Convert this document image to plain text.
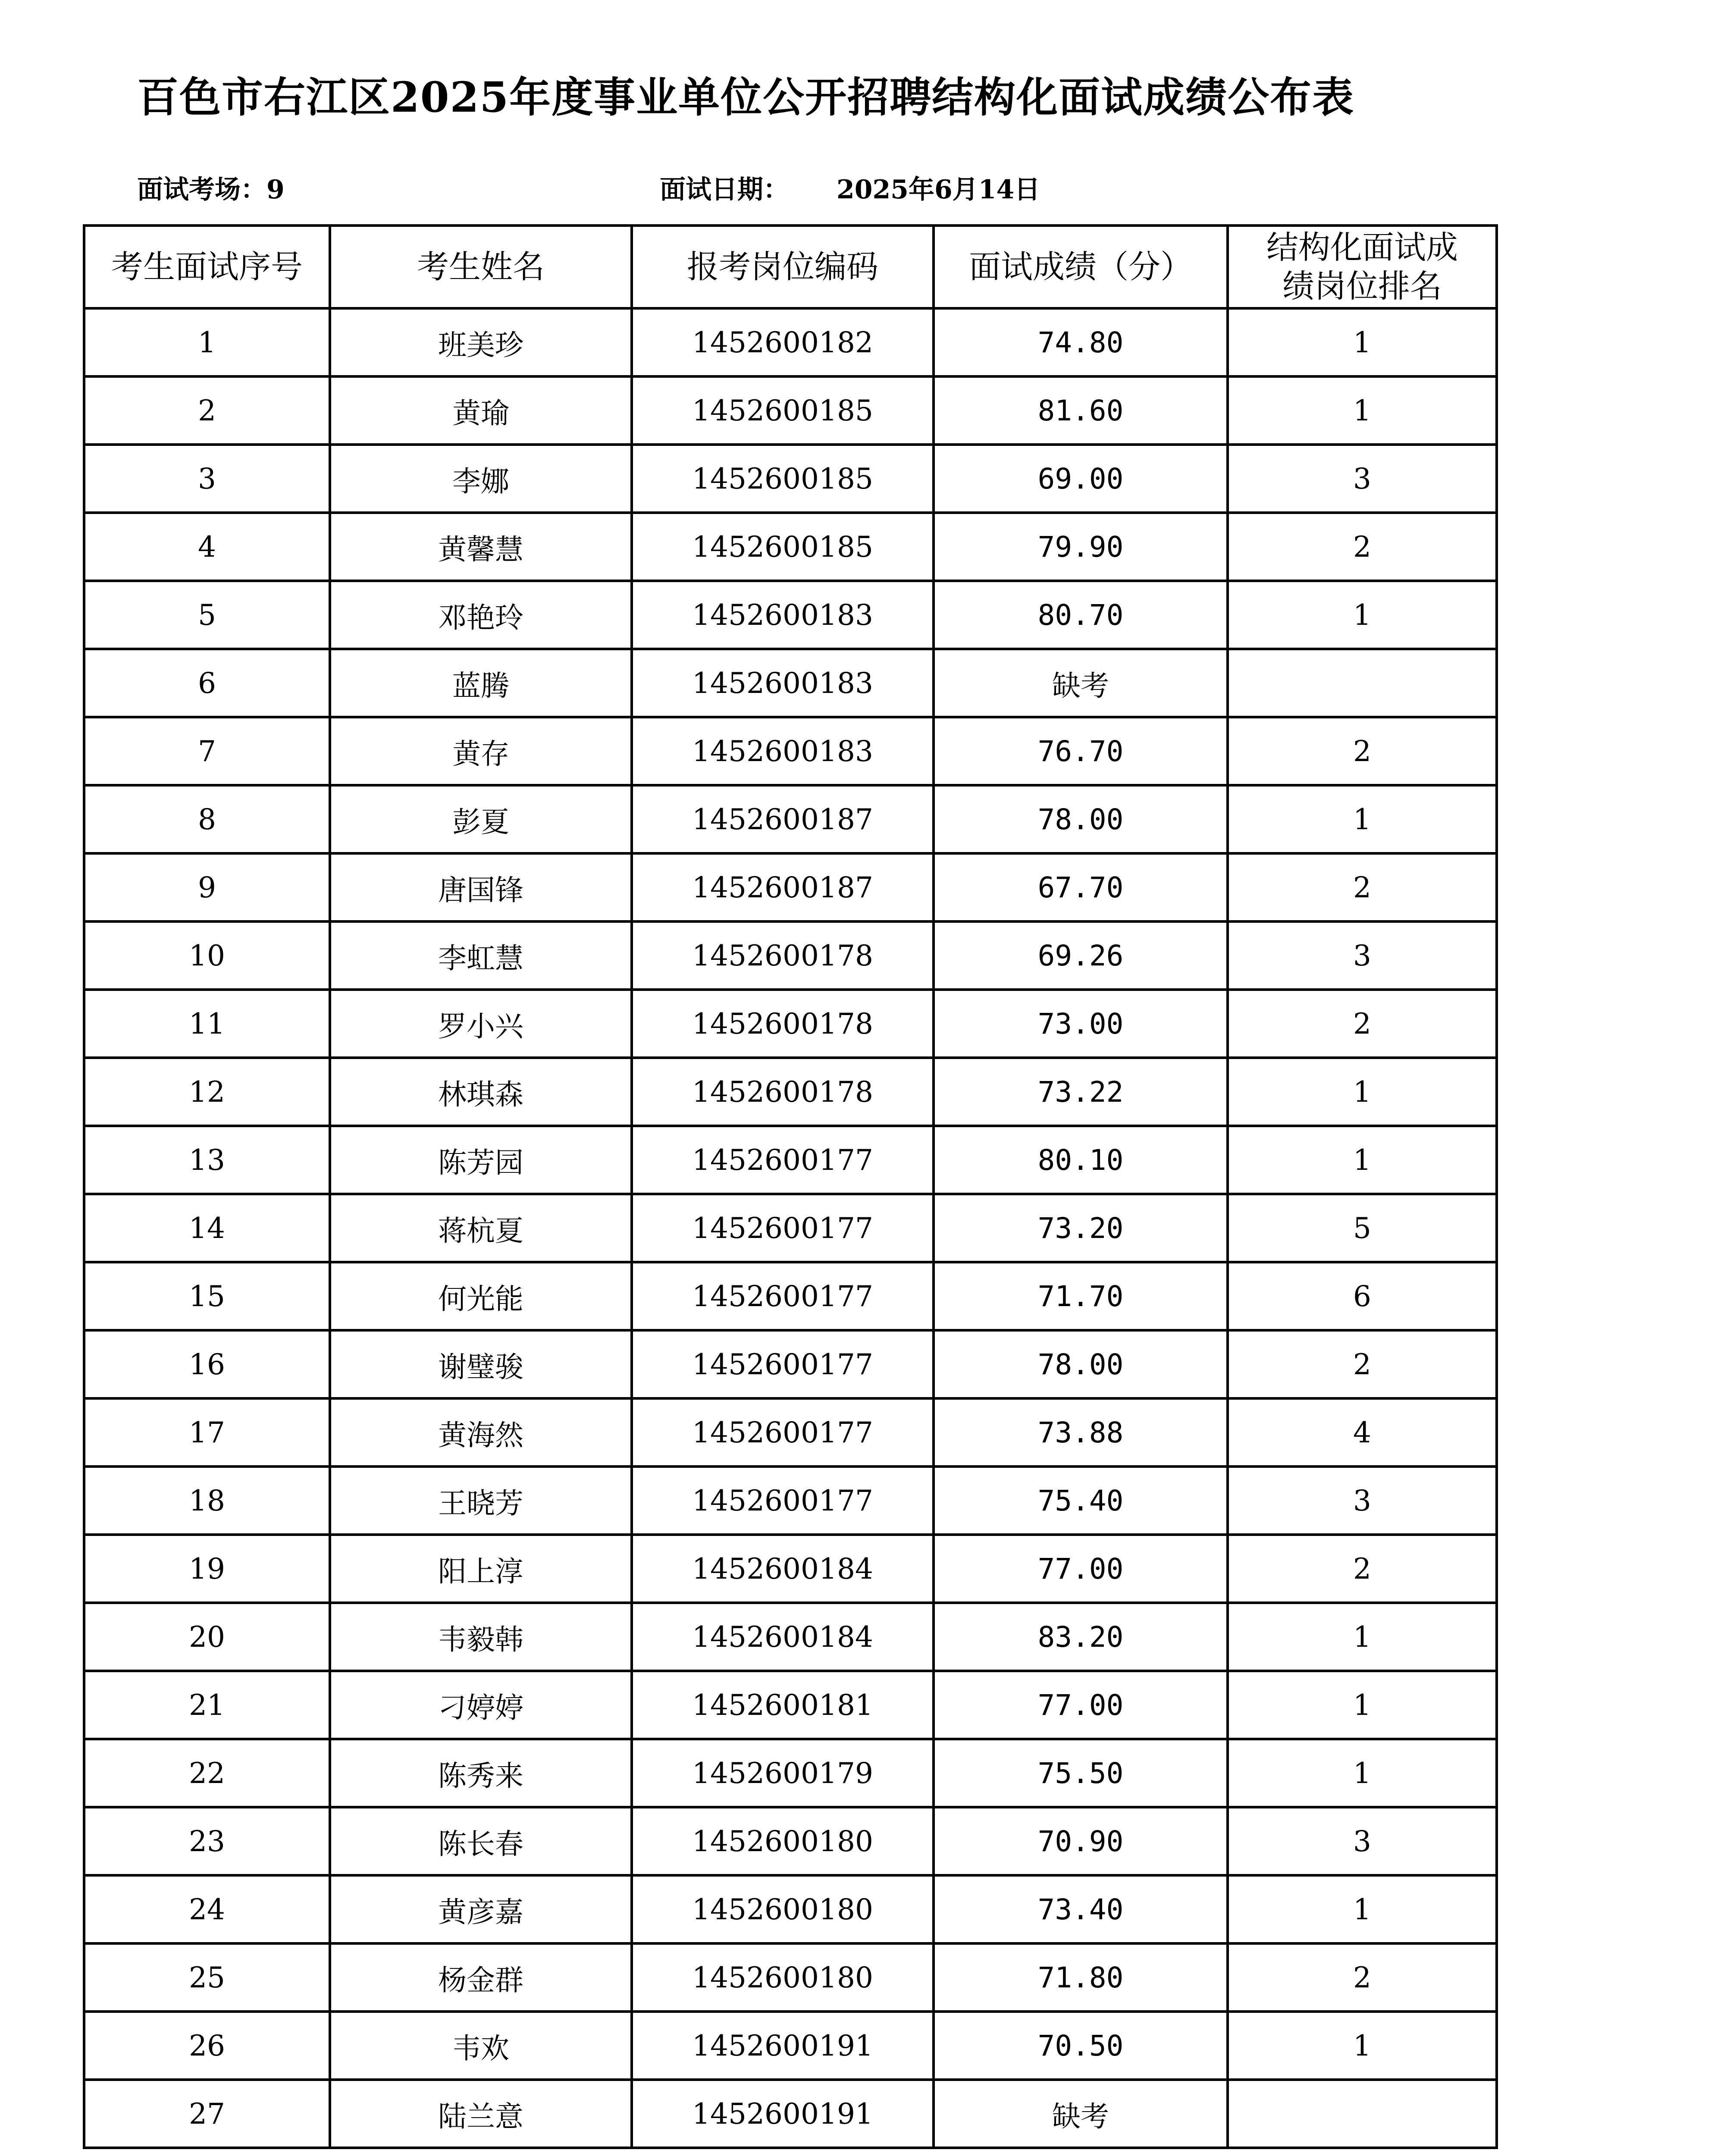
百色市右江区2025年度事业单位公开招聘结构化面试成绩公布表
面试考场：9	面试日期： 2025年6月14日
考生面试序号	考生姓名	报考岗位编码	面试成绩（分）	结构化面试成绩岗位排名
1	班美珍	1452600182	74.80	1
2	黄瑜	1452600185	81.60	1
3	李娜	1452600185	69.00	3
4	黄馨慧	1452600185	79.90	2
5	邓艳玲	1452600183	80.70	1
6	蓝腾	1452600183	缺考	
7	黄存	1452600183	76.70	2
8	彭夏	1452600187	78.00	1
9	唐国锋	1452600187	67.70	2
10	李虹慧	1452600178	69.26	3
11	罗小兴	1452600178	73.00	2
12	林琪森	1452600178	73.22	1
13	陈芳园	1452600177	80.10	1
14	蒋杭夏	1452600177	73.20	5
15	何光能	1452600177	71.70	6
16	谢璧骏	1452600177	78.00	2
17	黄海然	1452600177	73.88	4
18	王晓芳	1452600177	75.40	3
19	阳上淳	1452600184	77.00	2
20	韦毅韩	1452600184	83.20	1
21	刁婷婷	1452600181	77.00	1
22	陈秀来	1452600179	75.50	1
23	陈长春	1452600180	70.90	3
24	黄彦嘉	1452600180	73.40	1
25	杨金群	1452600180	71.80	2
26	韦欢	1452600191	70.50	1
27	陆兰意	1452600191	缺考	
